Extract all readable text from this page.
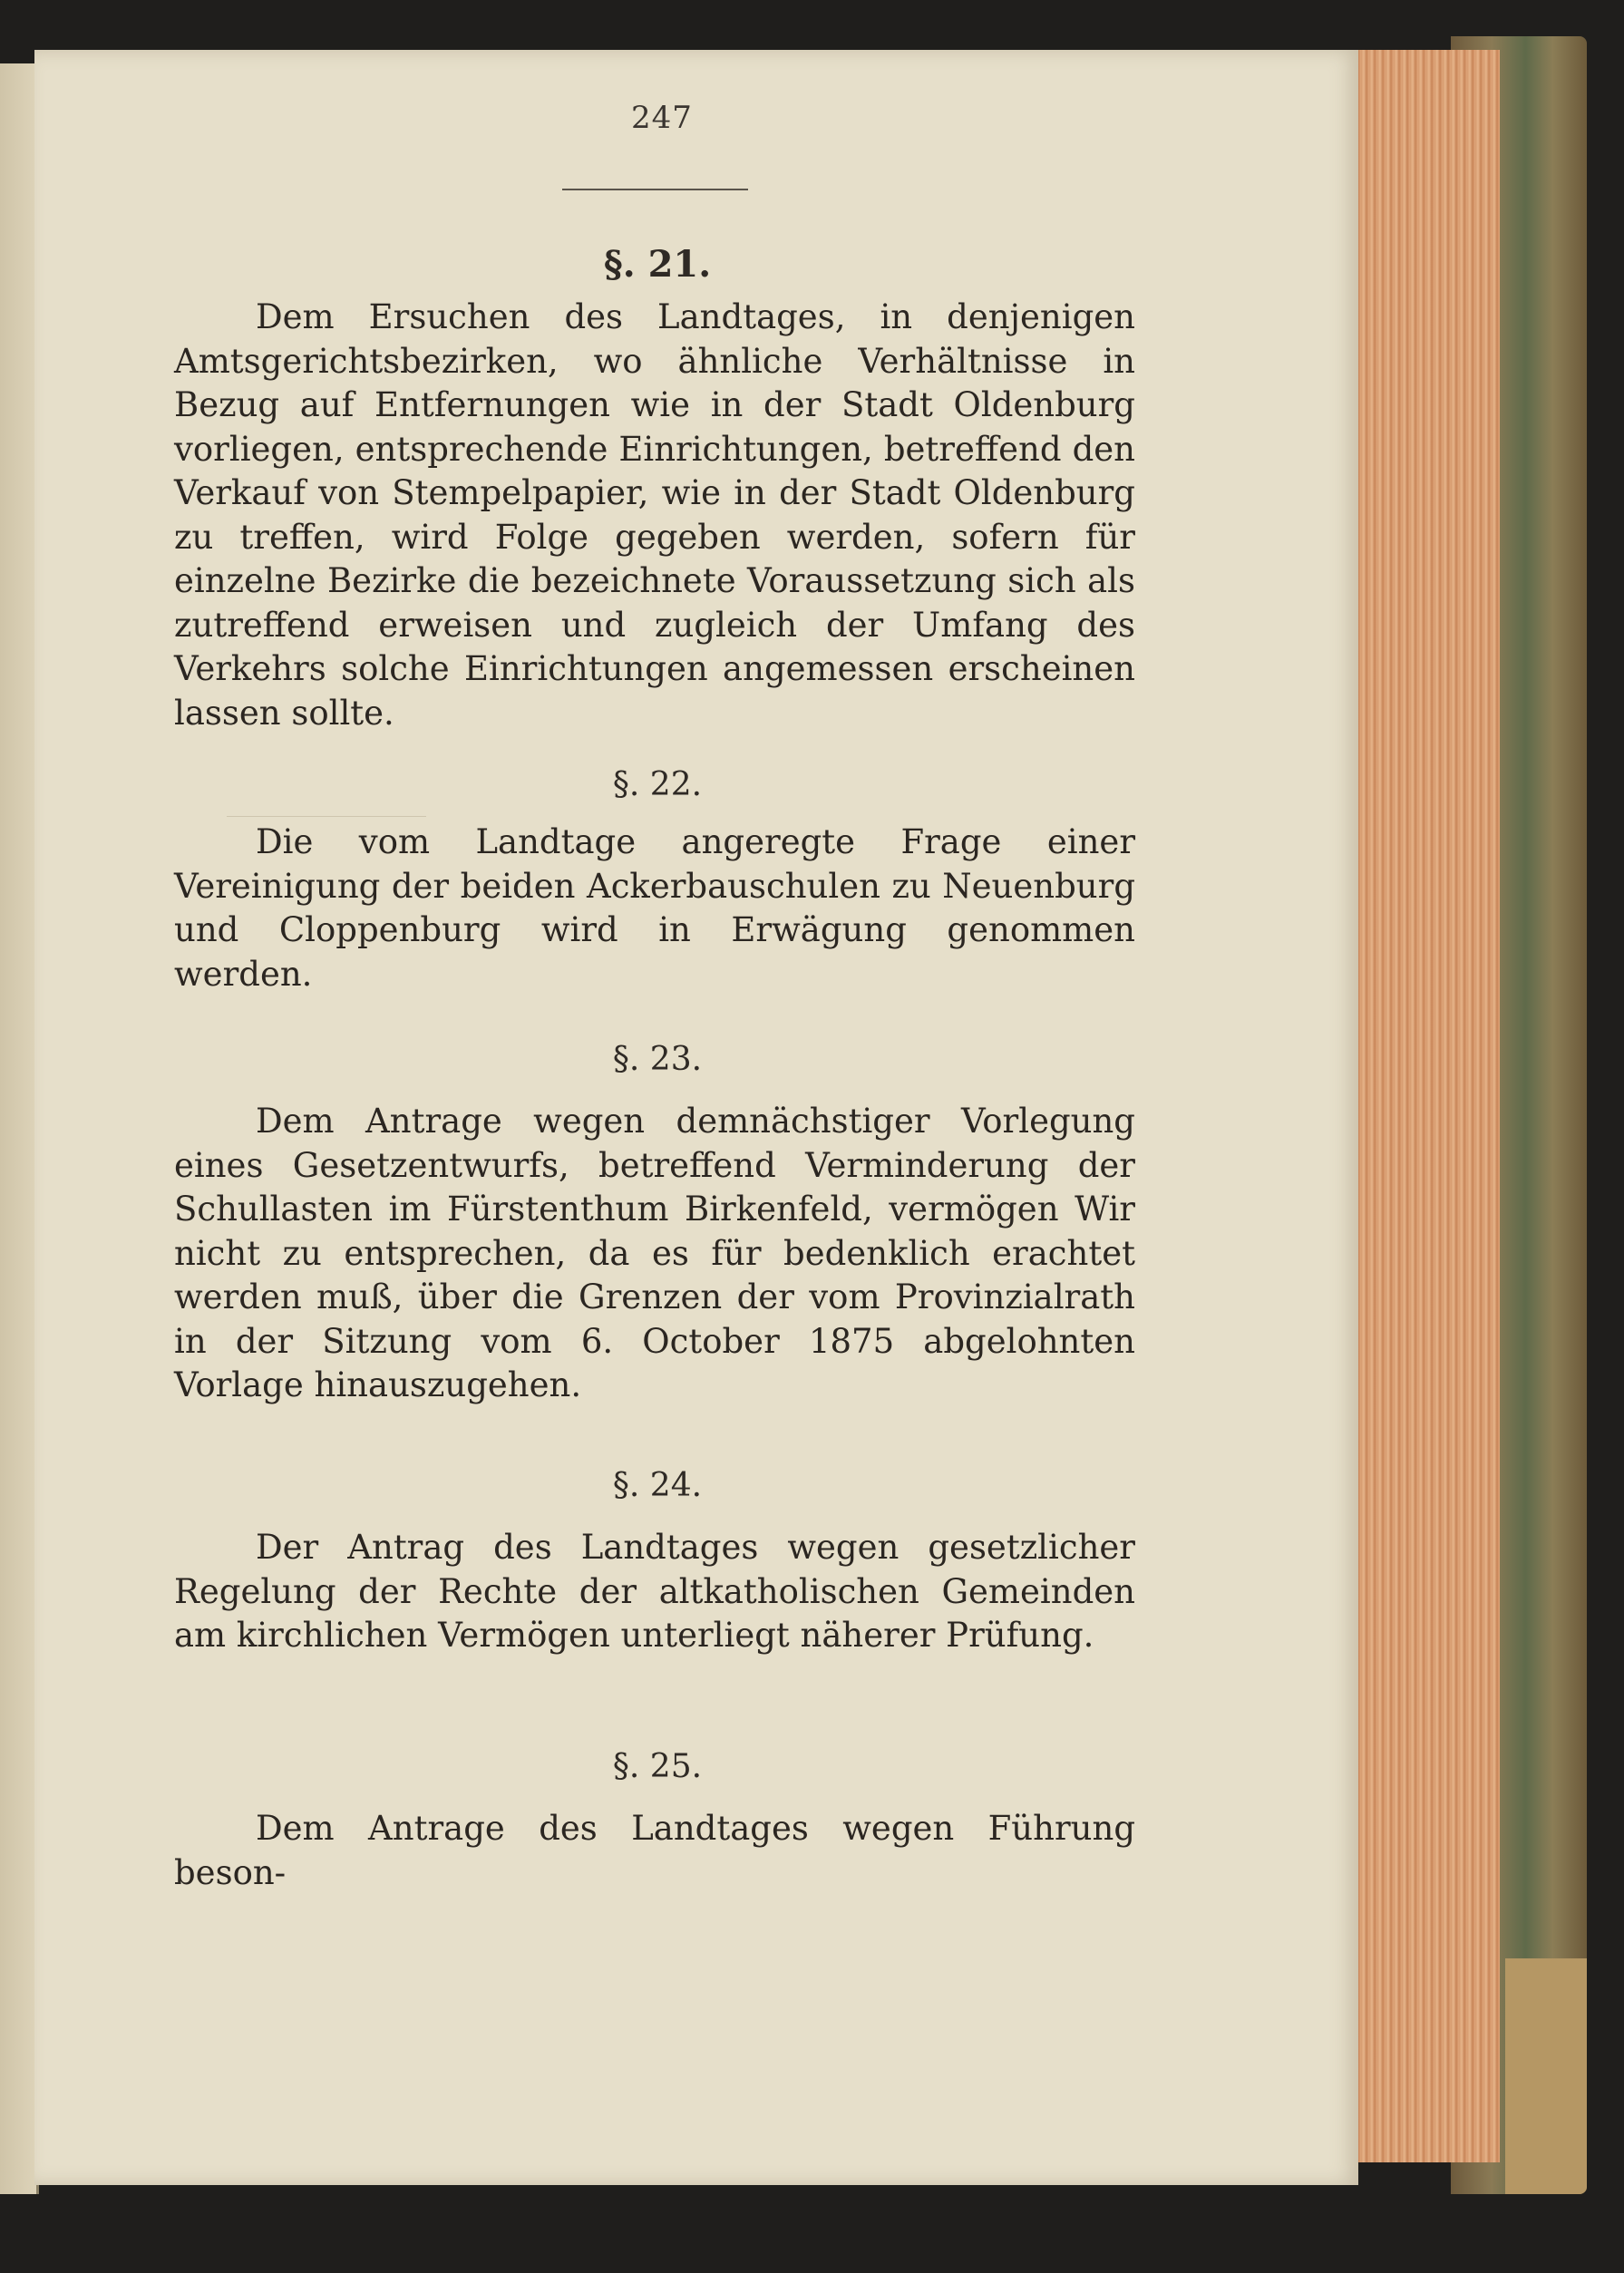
247
§. 21.
Dem Ersuchen des Landtages, in denjenigen Amtsgerichtsbezirken, wo ähnliche Verhältnisse in Bezug auf Entfernungen wie in der Stadt Oldenburg vorliegen, entsprechende Einrichtungen, betreffend den Verkauf von Stempelpapier, wie in der Stadt Oldenburg zu treffen, wird Folge gegeben werden, sofern für einzelne Bezirke die bezeichnete Voraussetzung sich als zutreffend erweisen und zugleich der Umfang des Verkehrs solche Einrichtungen angemessen erscheinen lassen sollte.
§. 22.
Die vom Landtage angeregte Frage einer Vereinigung der beiden Ackerbauschulen zu Neuenburg und Cloppenburg wird in Erwägung genommen werden.
§. 23.
Dem Antrage wegen demnächstiger Vorlegung eines Gesetzentwurfs, betreffend Verminderung der Schullasten im Fürstenthum Birkenfeld, vermögen Wir nicht zu entsprechen, da es für bedenklich erachtet werden muß, über die Grenzen der vom Provinzialrath in der Sitzung vom 6. October 1875 abgelohnten Vorlage hinauszugehen.
§. 24.
Der Antrag des Landtages wegen gesetzlicher Regelung der Rechte der altkatholischen Gemeinden am kirchlichen Vermögen unterliegt näherer Prüfung.
§. 25.
Dem Antrage des Landtages wegen Führung beson-
